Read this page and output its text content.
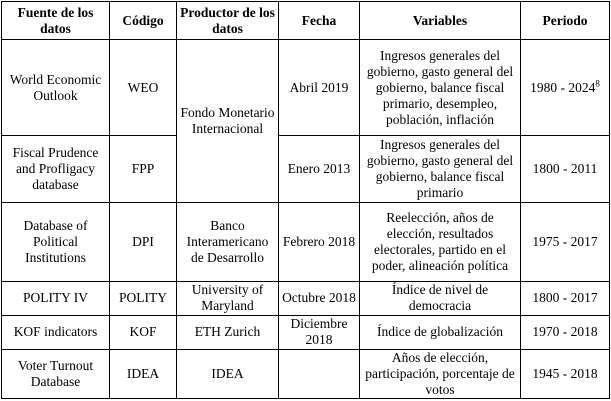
Fuente de los datos	Código	Productor de los datos	Fecha	Variables	Periodo
World Economic Outlook	WEO	Fondo Monetario Internacional	Abril 2019	Ingresos generales del gobierno, gasto general del gobierno, balance fiscal primario, desempleo, población, inflación	1980 - 2024$^8$
Fiscal Prudence and Profligacy database	FPP		Enero 2013	Ingresos generales del gobierno, gasto general del gobierno, balance fiscal primario	1800 - 2011
Database of Political Institutions	DPI	Banco Interamericano de Desarrollo	Febrero 2018	Reelección, años de elección, resultados electorales, partido en el poder, alineación política	1975 - 2017
POLITY IV	POLITY	University of Maryland	Octubre 2018	Índice de nivel de democracia	1800 - 2017
KOF indicators	KOF	ETH Zurich	Diciembre 2018	Índice de globalización	1970 - 2018
Voter Turnout Database	IDEA	IDEA		Años de elección, participación, porcentaje de votos	1945 - 2018
